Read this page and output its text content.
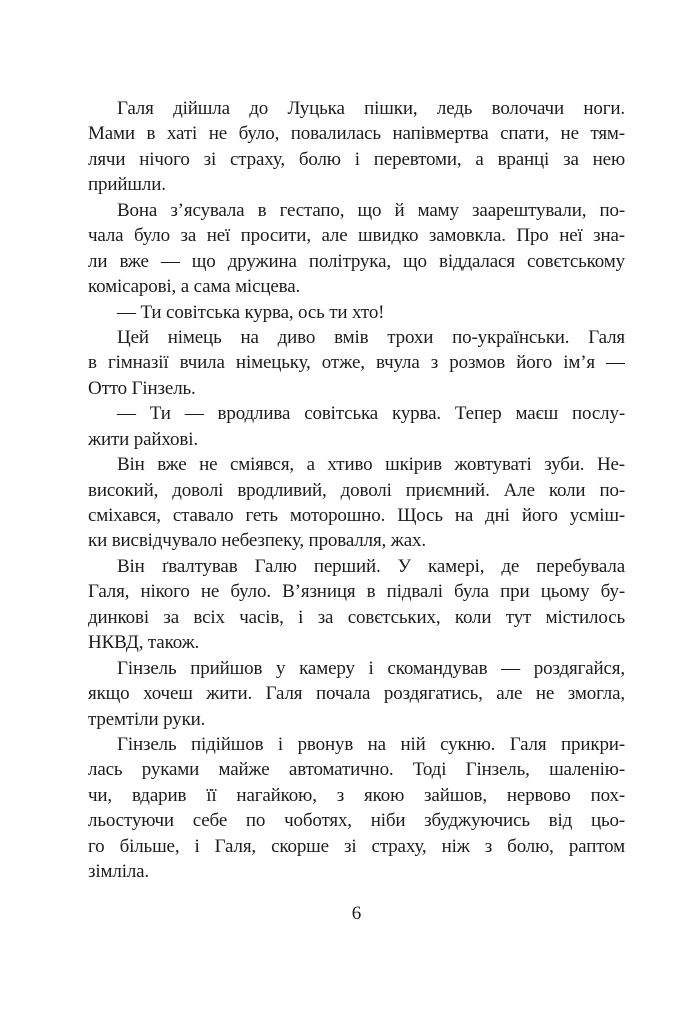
Галя дійшла до Луцька пішки, ледь волочачи ноги.
Мами в хаті не було, повалилась напівмертва спати, не тям-
лячи нічого зі страху, болю і перевтоми, а вранці за нею
прийшли.
Вона з’ясувала в гестапо, що й маму заарештували, по-
чала було за неї просити, але швидко замовкла. Про неї зна-
ли вже — що дружина політрука, що віддалася совєтському
комісарові, а сама місцева.
— Ти совітська курва, ось ти хто!
Цей німець на диво вмів трохи по-українськи. Галя
в гімназії вчила німецьку, отже, вчула з розмов його ім’я —
Отто Гінзель.
— Ти — вродлива совітська курва. Тепер маєш послу-
жити райхові.
Він вже не сміявся, а хтиво шкірив жовтуваті зуби. Не-
високий, доволі вродливий, доволі приємний. Але коли по-
сміхався, ставало геть моторошно. Щось на дні його усміш-
ки висвідчувало небезпеку, провалля, жах.
Він ґвалтував Галю перший. У камері, де перебувала
Галя, нікого не було. В’язниця в підвалі була при цьому бу-
динкові за всіх часів, і за совєтських, коли тут містилось
НКВД, також.
Гінзель прийшов у камеру і скомандував — роздягайся,
якщо хочеш жити. Галя почала роздягатись, але не змогла,
тремтіли руки.
Гінзель підійшов і рвонув на ній сукню. Галя прикри-
лась руками майже автоматично. Тоді Гінзель, шаленію-
чи, вдарив її нагайкою, з якою зайшов, нервово пох-
льостуючи себе по чоботях, ніби збуджуючись від цьо-
го більше, і Галя, скорше зі страху, ніж з болю, раптом
зімліла.
6
